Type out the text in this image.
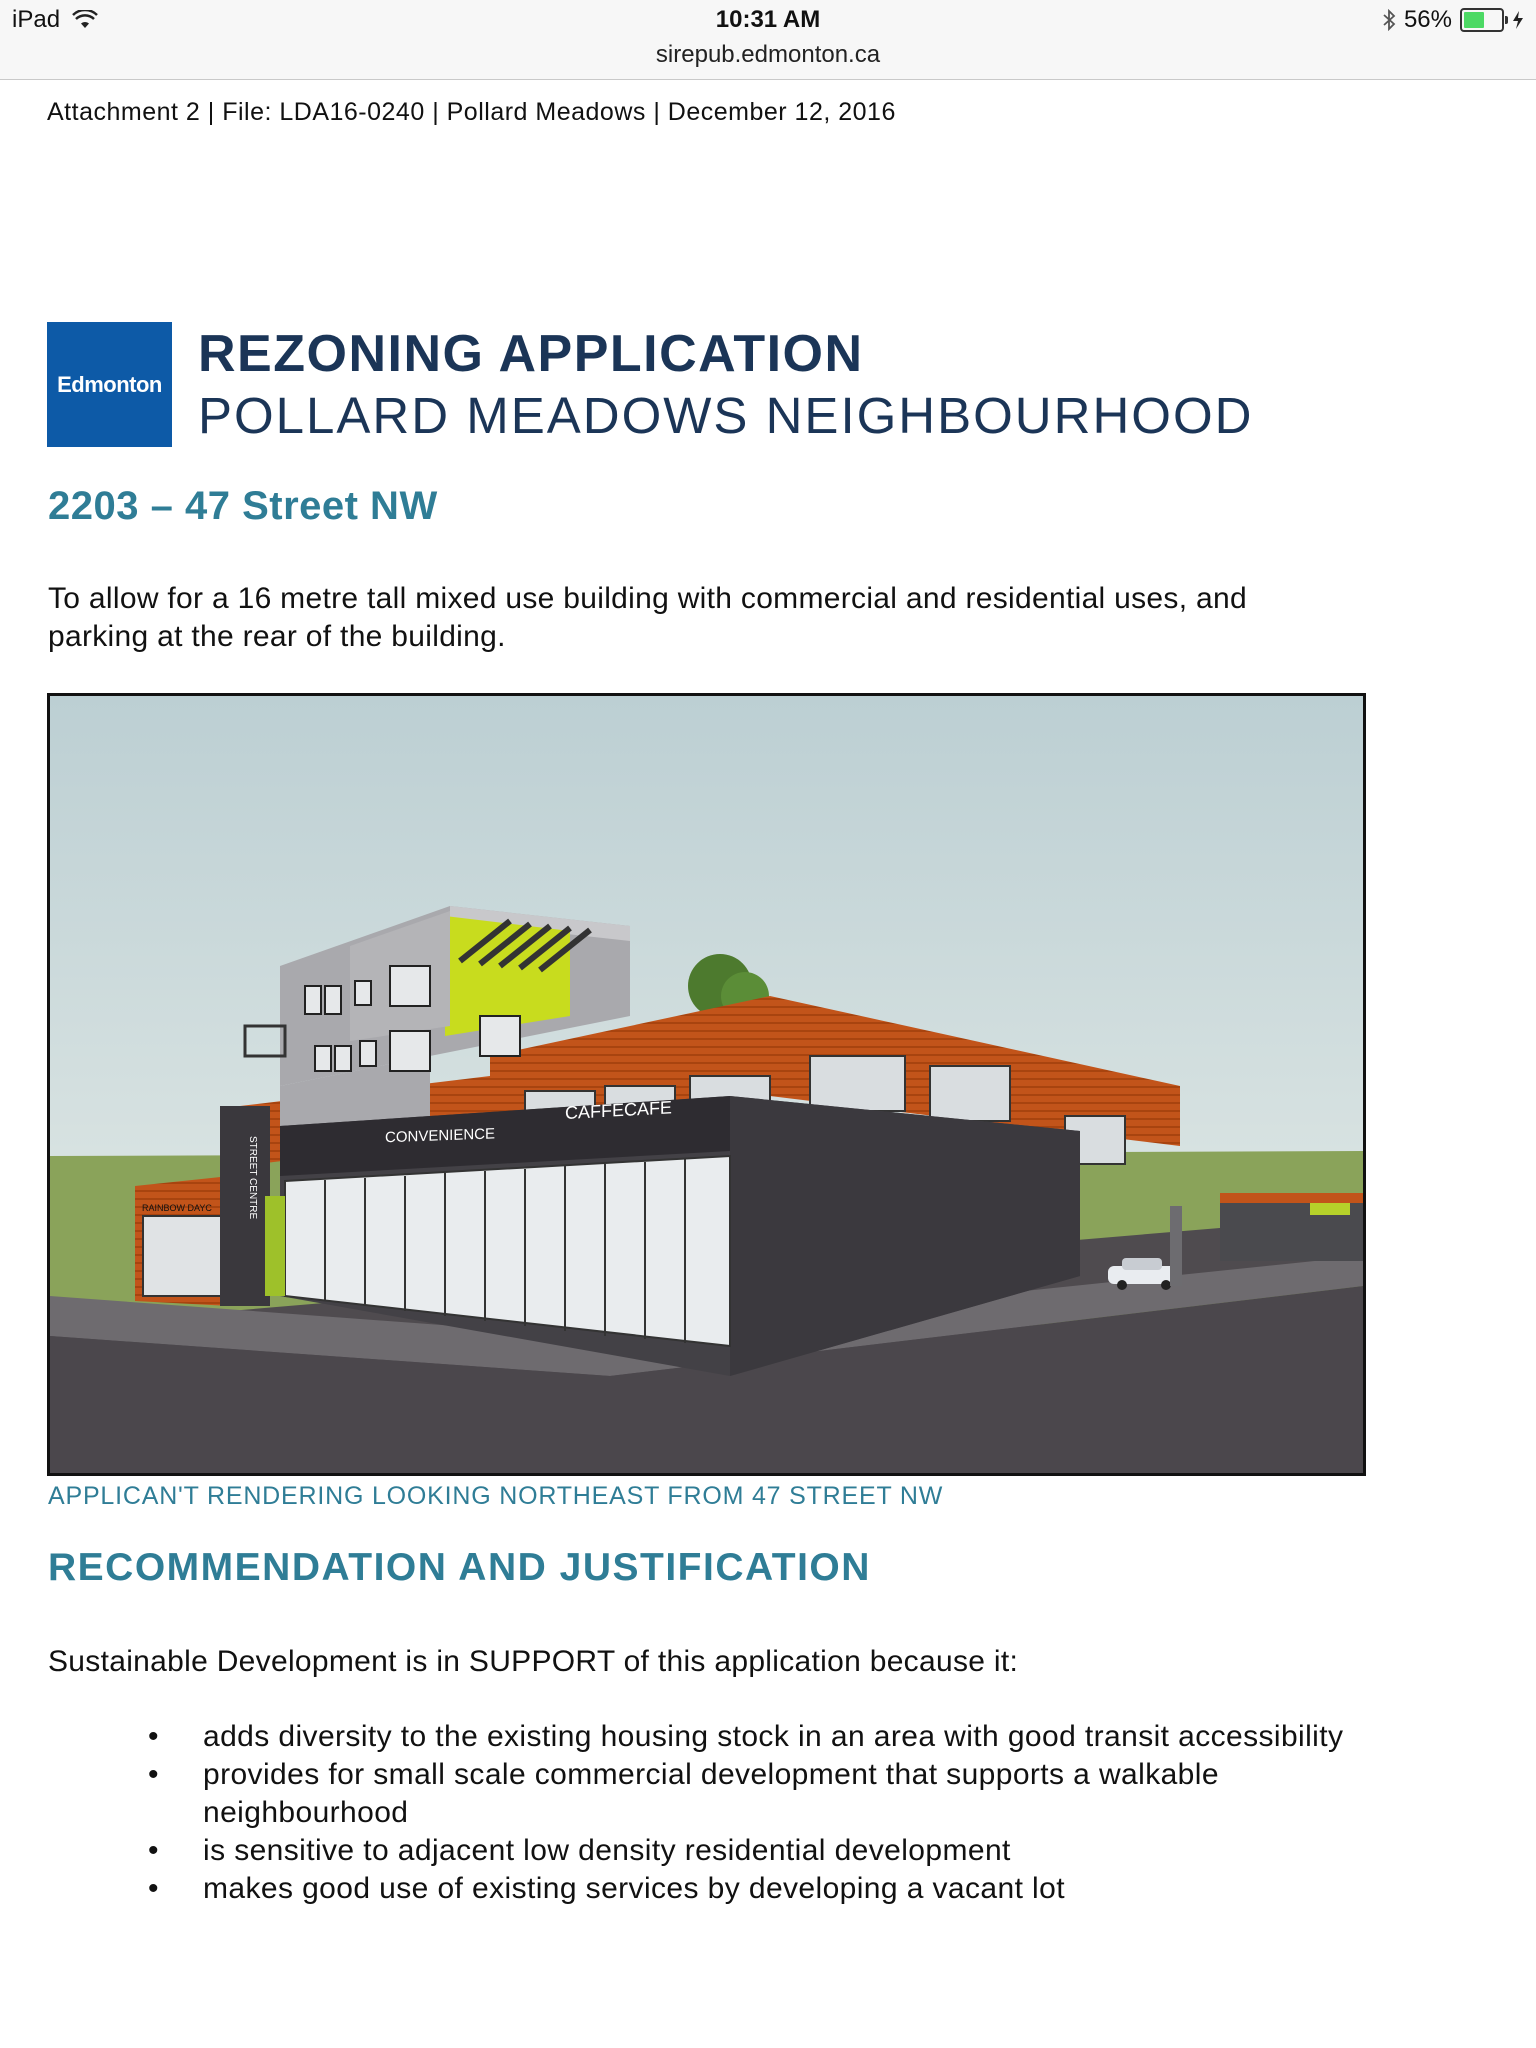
iPad	10:31 AM
sirepub.edmonton.ca
56%
Attachment 2 | File: LDA16-0240 | Pollard Meadows | December 12, 2016
Edmonton
REZONING APPLICATION
POLLARD MEADOWS NEIGHBOURHOOD
2203 – 47 Street NW
To allow for a 16 metre tall mixed use building with commercial and residential uses, and parking at the rear of the building.
CONVENIENCE
CAFFECAFE
RAINBOW DAYC	STREET CENTRE
APPLICAN'T RENDERING LOOKING NORTHEAST FROM 47 STREET NW
RECOMMENDATION AND JUSTIFICATION
Sustainable Development is in SUPPORT of this application because it:
• adds diversity to the existing housing stock in an area with good transit accessibility
• provides for small scale commercial development that supports a walkable neighbourhood
• is sensitive to adjacent low density residential development
• makes good use of existing services by developing a vacant lot
